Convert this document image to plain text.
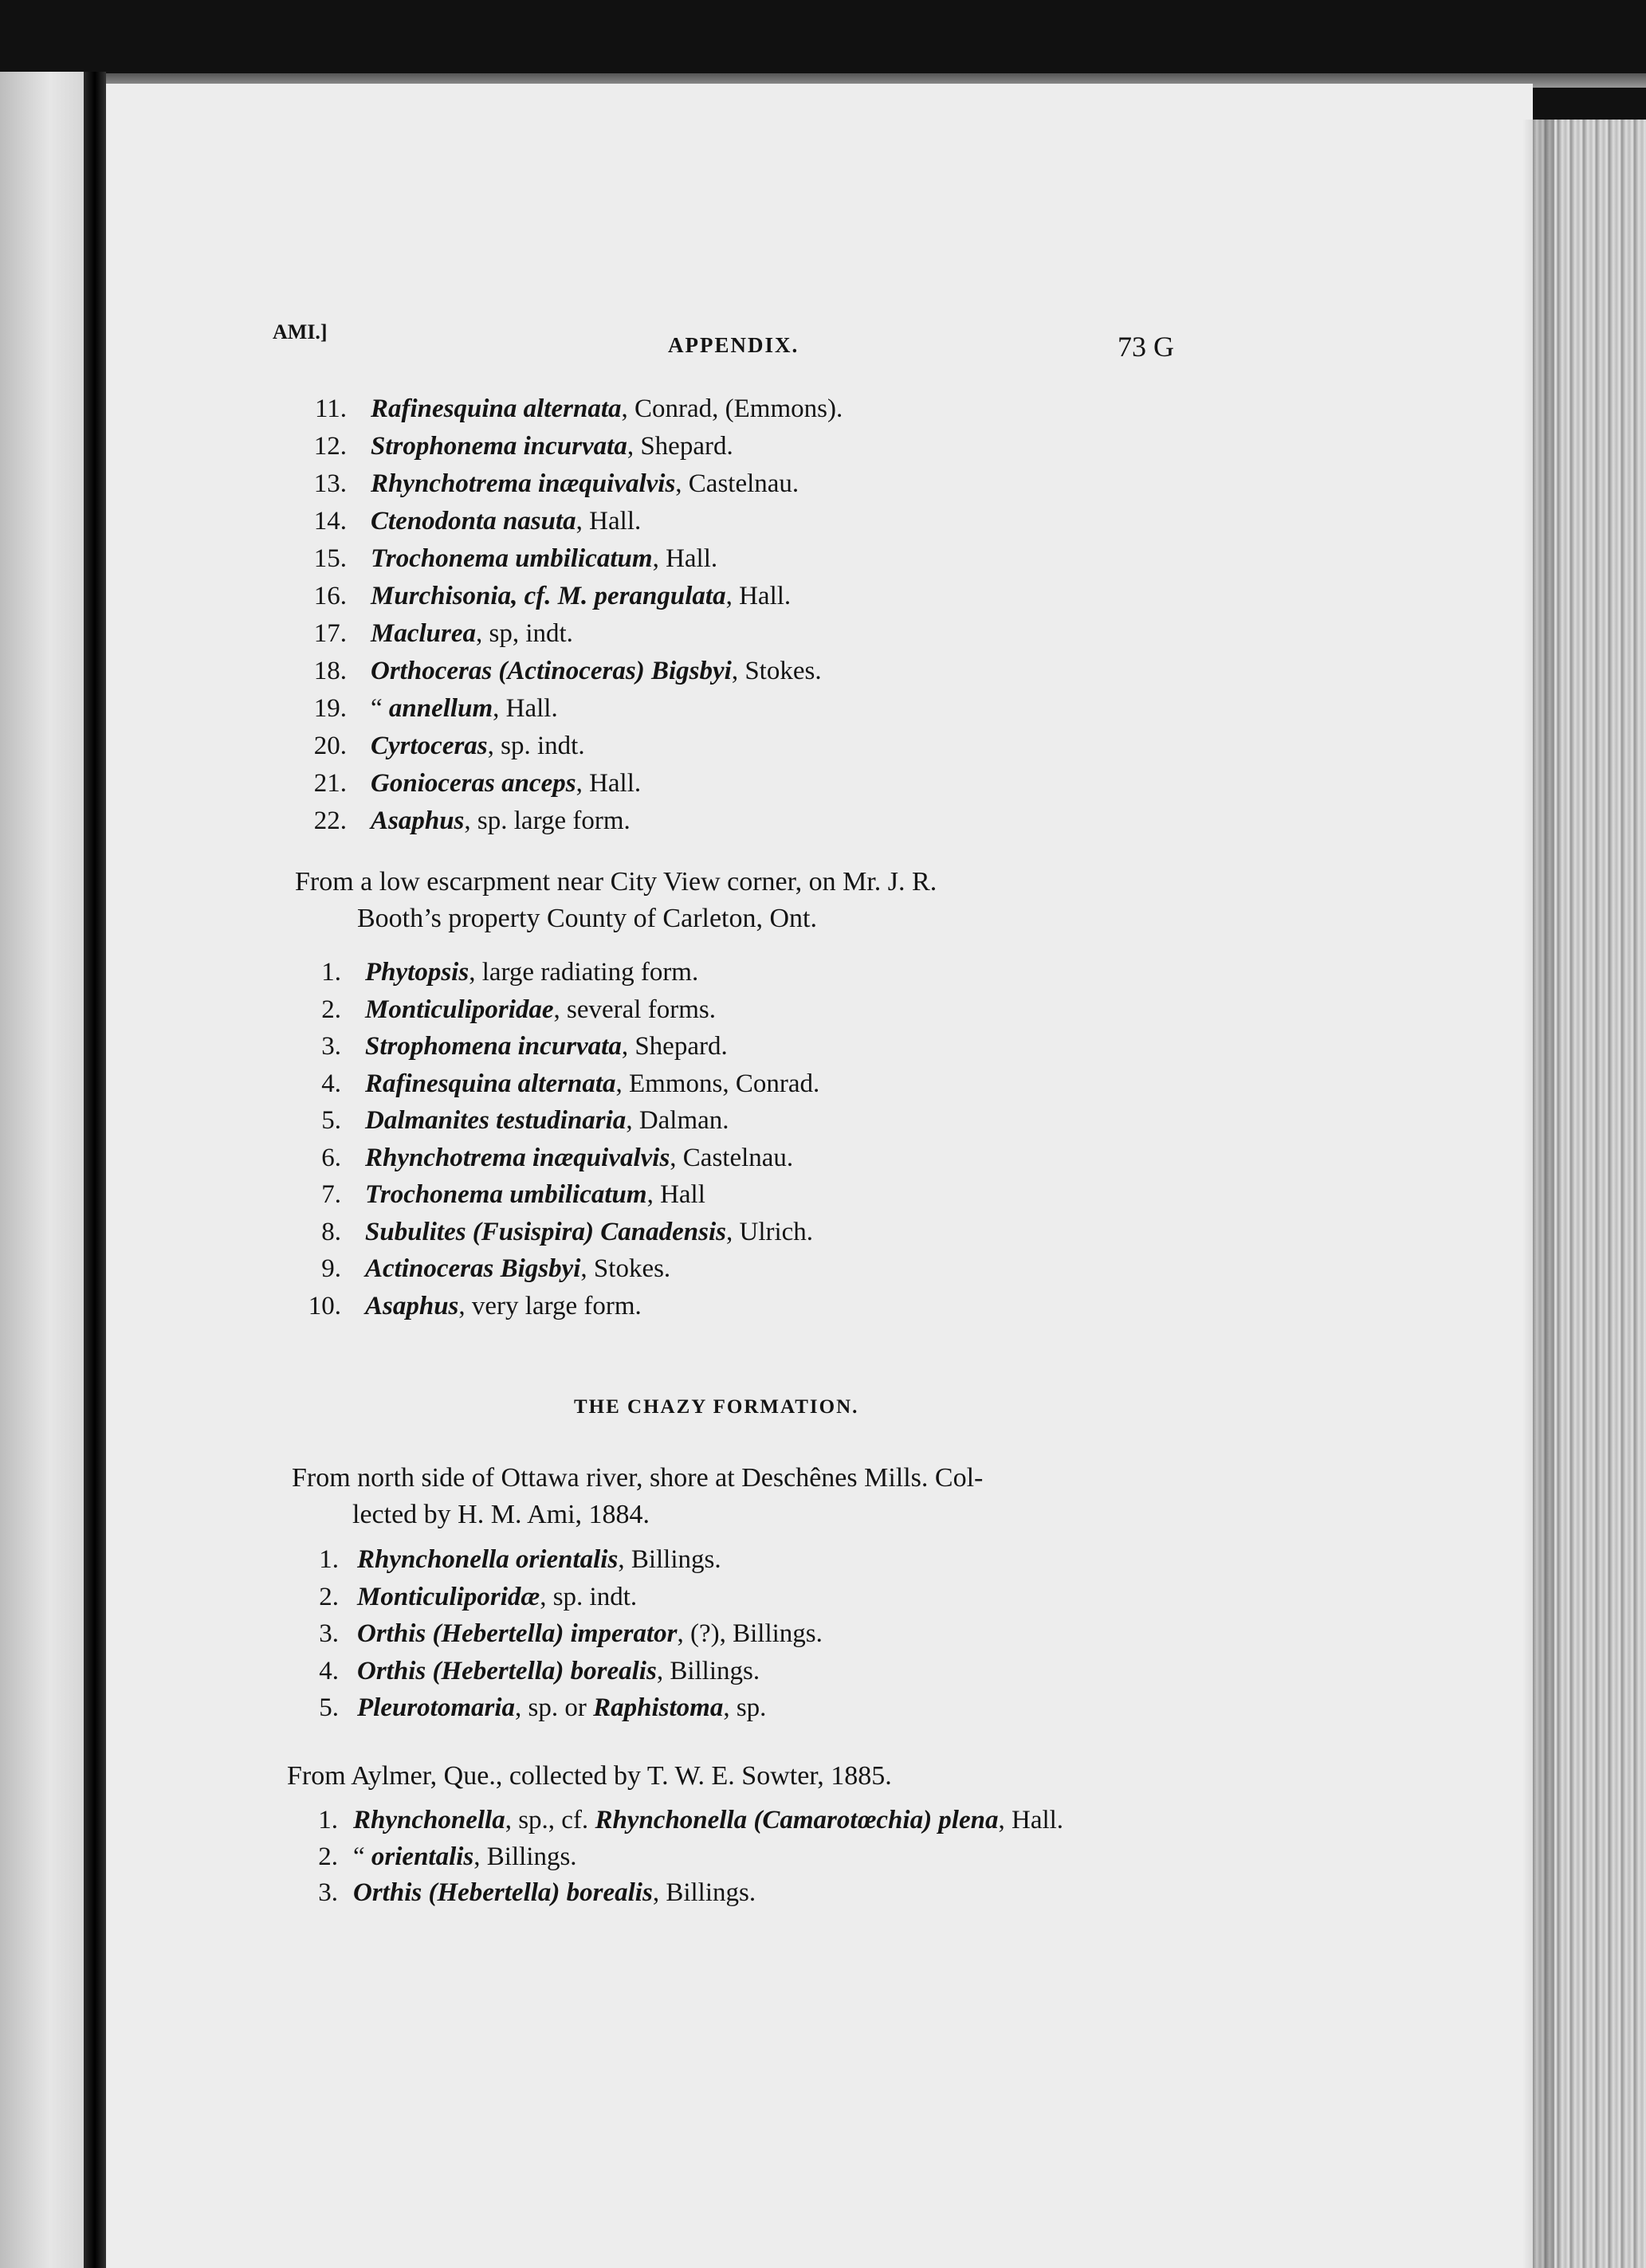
AMI.]
APPENDIX.	73 G
11. Rafinesquina alternata, Conrad, (Emmons).
12. Strophonema incurvata, Shepard.
13. Rhynchotrema inæquivalvis, Castelnau.
14. Ctenodonta nasuta, Hall.
15. Trochonema umbilicatum, Hall.
16. Murchisonia, cf. M. perangulata, Hall.
17. Maclurea, sp, indt.
18. Orthoceras (Actinoceras) Bigsbyi, Stokes.
19. “ annellum, Hall.
20. Cyrtoceras, sp. indt.
21. Gonioceras anceps, Hall.
22. Asaphus, sp. large form.
From a low escarpment near City View corner, on Mr. J. R.
Booth’s property County of Carleton, Ont.
1. Phytopsis, large radiating form.
2. Monticuliporidae, several forms.
3. Strophomena incurvata, Shepard.
4. Rafinesquina alternata, Emmons, Conrad.
5. Dalmanites testudinaria, Dalman.
6. Rhynchotrema inæquivalvis, Castelnau.
7. Trochonema umbilicatum, Hall
8. Subulites (Fusispira) Canadensis, Ulrich.
9. Actinoceras Bigsbyi, Stokes.
10. Asaphus, very large form.
THE CHAZY FORMATION.
From north side of Ottawa river, shore at Deschênes Mills. Col-
lected by H. M. Ami, 1884.
1. Rhynchonella orientalis, Billings.
2. Monticuliporidæ, sp. indt.
3. Orthis (Hebertella) imperator, (?), Billings.
4. Orthis (Hebertella) borealis, Billings.
5. Pleurotomaria, sp. or Raphistoma, sp.
From Aylmer, Que., collected by T. W. E. Sowter, 1885.
1. Rhynchonella, sp., cf. Rhynchonella (Camarotœchia) plena, Hall.
2. “ orientalis, Billings.
3. Orthis (Hebertella) borealis, Billings.
